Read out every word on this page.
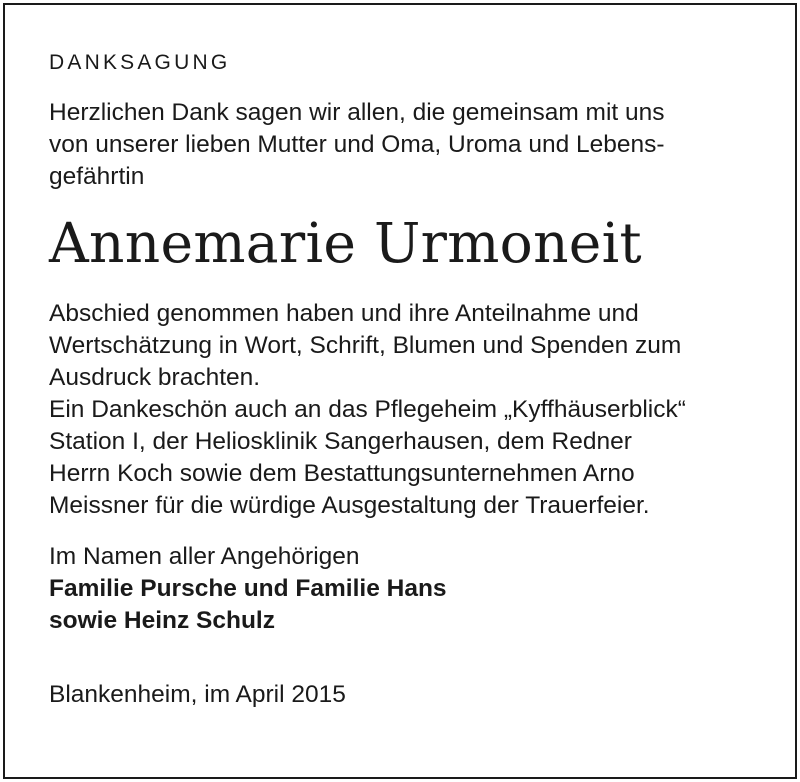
DANKSAGUNG

Herzlichen Dank sagen wir allen, die gemeinsam mit uns

von unserer lieben Mutter und Oma, Uroma und Lebens-

gefährtin

Annemarie Urmoneit

Abschied genommen haben und ihre Anteilnahme und

Wertschätzung in Wort, Schrift, Blumen und Spenden zum

Ausdruck brachten.

Ein Dankeschön auch an das Pflegeheim „Kyffhäuserblick“

Station I, der Heliosklinik Sangerhausen, dem Redner

Herrn Koch sowie dem Bestattungsunternehmen Arno

Meissner für die würdige Ausgestaltung der Trauerfeier.

Im Namen aller Angehörigen

Familie Pursche und Familie Hans

sowie Heinz Schulz

Blankenheim, im April 2015
